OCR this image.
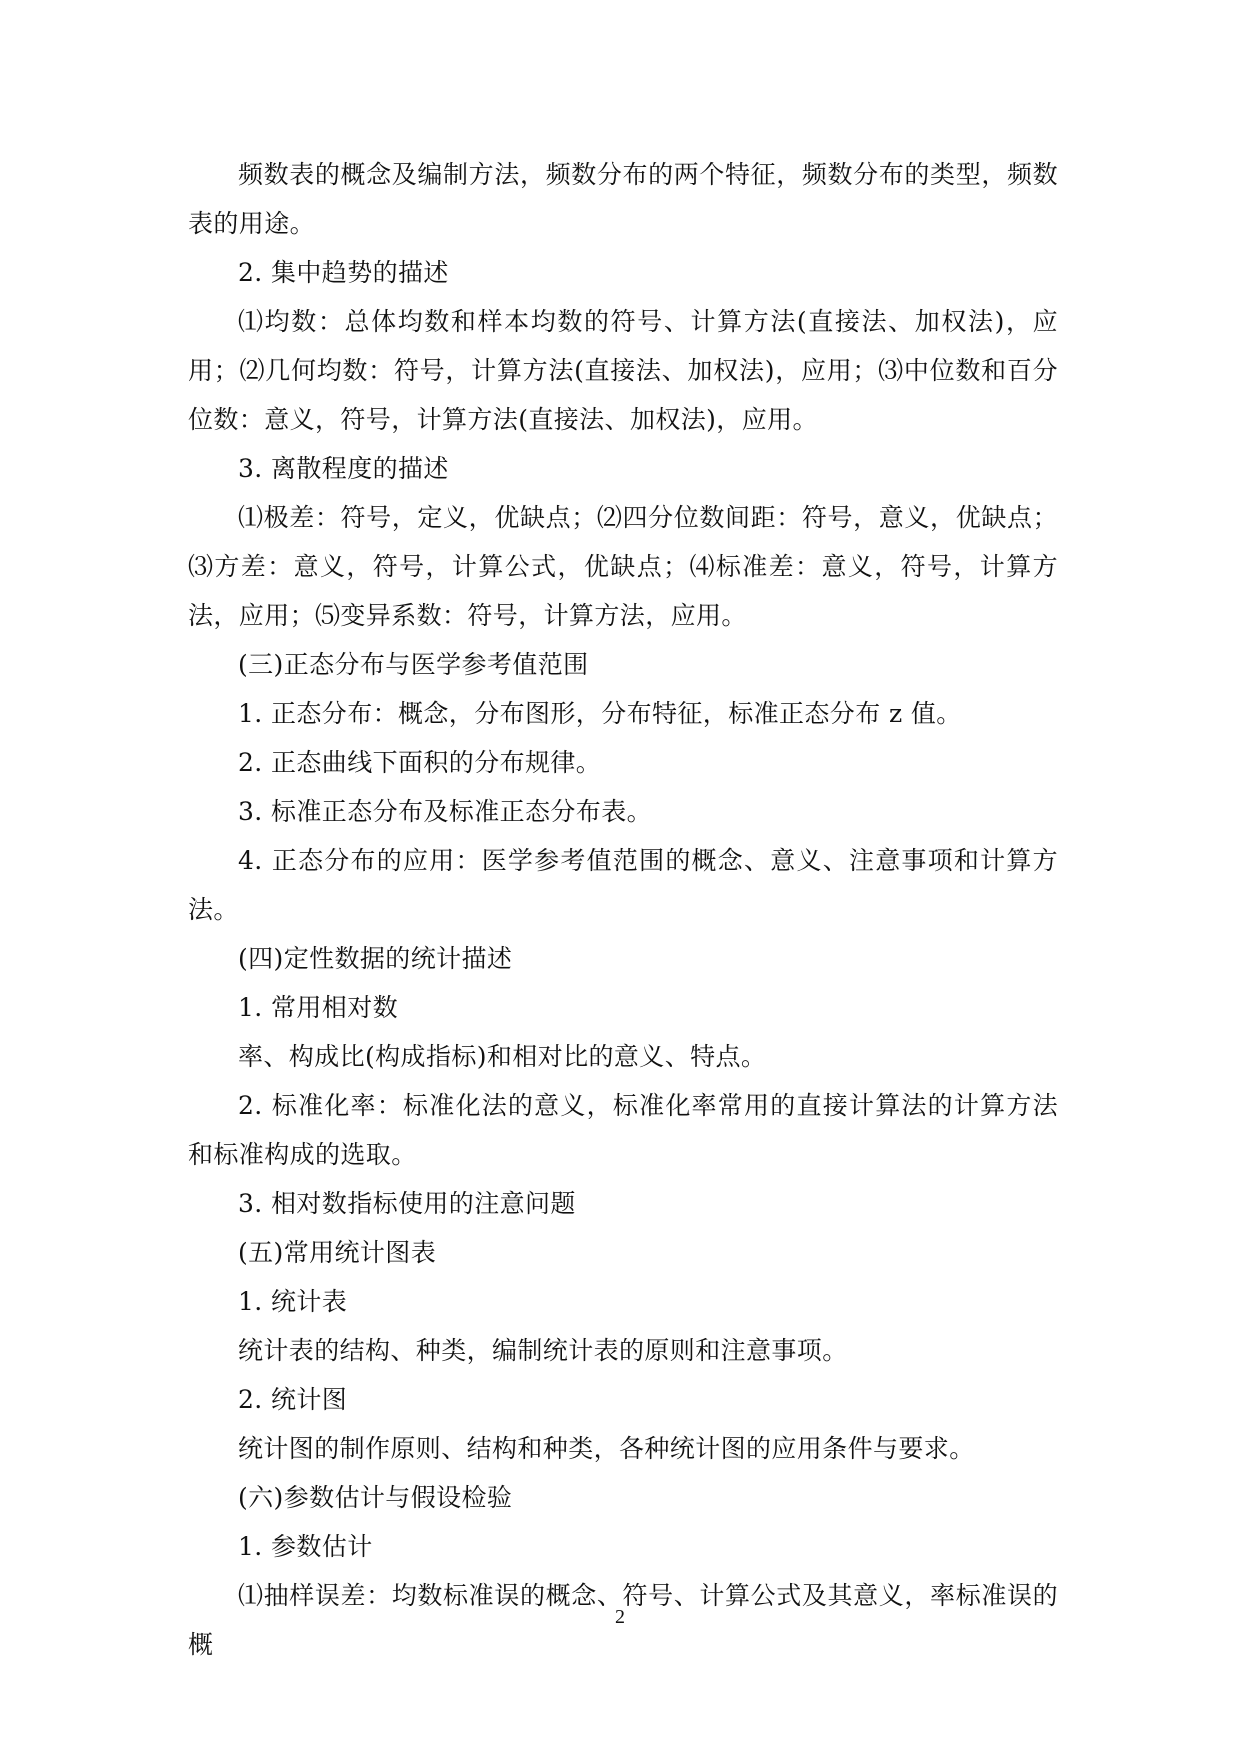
频数表的概念及编制方法，频数分布的两个特征，频数分布的类型，频数表的用途。

2. 集中趋势的描述

⑴均数：总体均数和样本均数的符号、计算方法(直接法、加权法)，应用；⑵几何均数：符号，计算方法(直接法、加权法)，应用；⑶中位数和百分位数：意义，符号，计算方法(直接法、加权法)，应用。

3. 离散程度的描述

⑴极差：符号，定义，优缺点；⑵四分位数间距：符号，意义，优缺点；⑶方差：意义，符号，计算公式，优缺点；⑷标准差：意义，符号，计算方法，应用；⑸变异系数：符号，计算方法，应用。

(三)正态分布与医学参考值范围

1. 正态分布：概念，分布图形，分布特征，标准正态分布 z 值。

2. 正态曲线下面积的分布规律。

3. 标准正态分布及标准正态分布表。

4. 正态分布的应用：医学参考值范围的概念、意义、注意事项和计算方法。

(四)定性数据的统计描述

1. 常用相对数

率、构成比(构成指标)和相对比的意义、特点。

2. 标准化率：标准化法的意义，标准化率常用的直接计算法的计算方法和标准构成的选取。

3. 相对数指标使用的注意问题

(五)常用统计图表

1. 统计表

统计表的结构、种类，编制统计表的原则和注意事项。

2. 统计图

统计图的制作原则、结构和种类，各种统计图的应用条件与要求。

(六)参数估计与假设检验

1. 参数估计

⑴抽样误差：均数标准误的概念、符号、计算公式及其意义，率标准误的概

2
